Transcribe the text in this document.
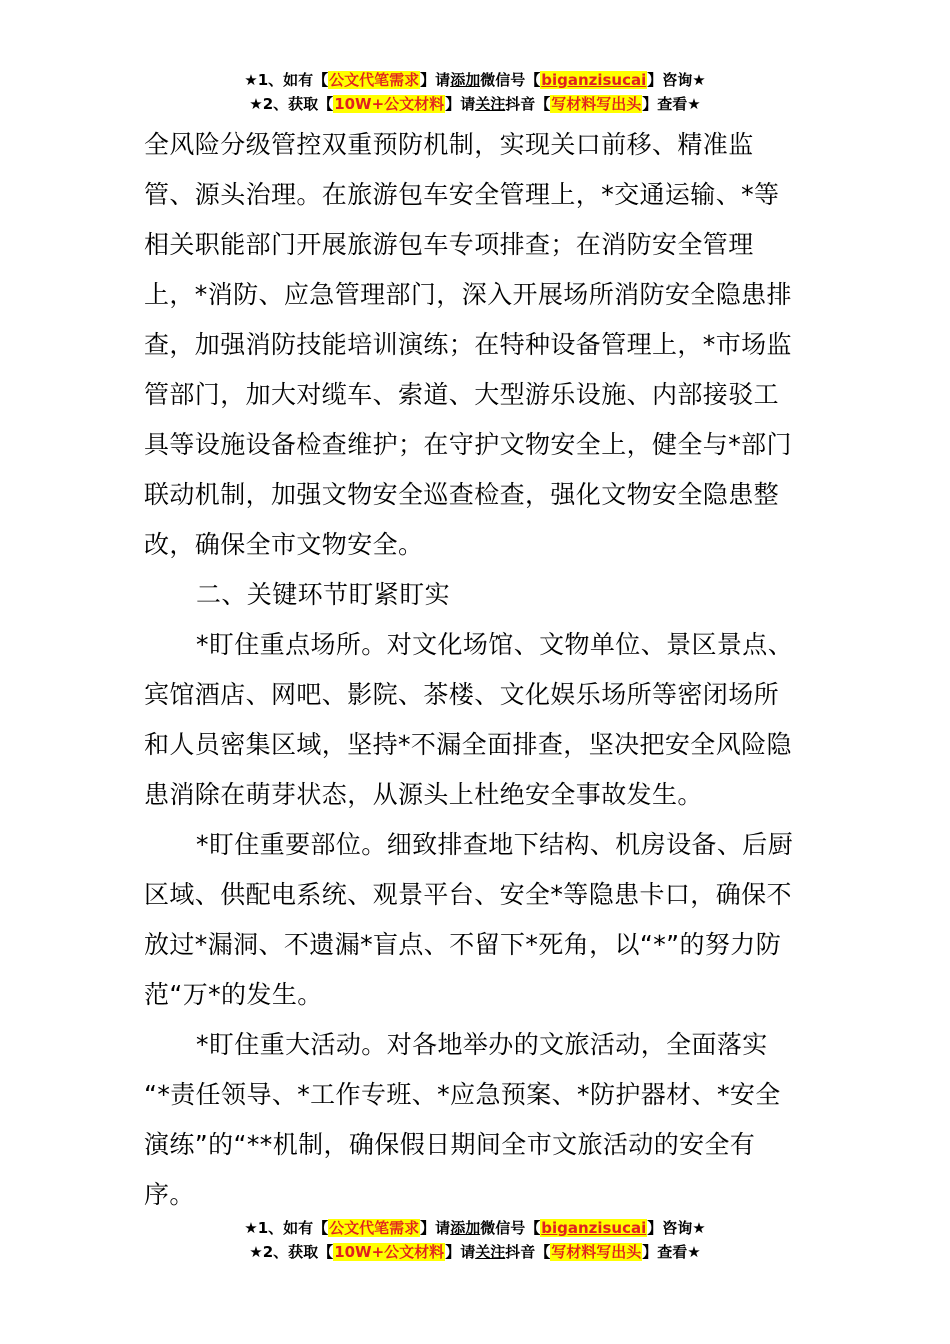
★1、如有【公文代笔需求】请添加微信号【biganzisucai】咨询★
★2、获取【10W+公文材料】请关注抖音【写材料写出头】查看★
全风险分级管控双重预防机制，实现关口前移、精准监
管、源头治理。在旅游包车安全管理上，*交通运输、*等
相关职能部门开展旅游包车专项排查；在消防安全管理
上，*消防、应急管理部门，深入开展场所消防安全隐患排
查，加强消防技能培训演练；在特种设备管理上，*市场监
管部门，加大对缆车、索道、大型游乐设施、内部接驳工
具等设施设备检查维护；在守护文物安全上，健全与*部门
联动机制，加强文物安全巡查检查，强化文物安全隐患整
改，确保全市文物安全。
二、关键环节盯紧盯实
*盯住重点场所。对文化场馆、文物单位、景区景点、
宾馆酒店、网吧、影院、茶楼、文化娱乐场所等密闭场所
和人员密集区域，坚持*不漏全面排查，坚决把安全风险隐
患消除在萌芽状态，从源头上杜绝安全事故发生。
*盯住重要部位。细致排查地下结构、机房设备、后厨
区域、供配电系统、观景平台、安全*等隐患卡口，确保不
放过*漏洞、不遗漏*盲点、不留下*死角，以“*”的努力防
范“万*的发生。
*盯住重大活动。对各地举办的文旅活动，全面落实
“*责任领导、*工作专班、*应急预案、*防护器材、*安全
演练”的“**机制，确保假日期间全市文旅活动的安全有
序。
★1、如有【公文代笔需求】请添加微信号【biganzisucai】咨询★
★2、获取【10W+公文材料】请关注抖音【写材料写出头】查看★
